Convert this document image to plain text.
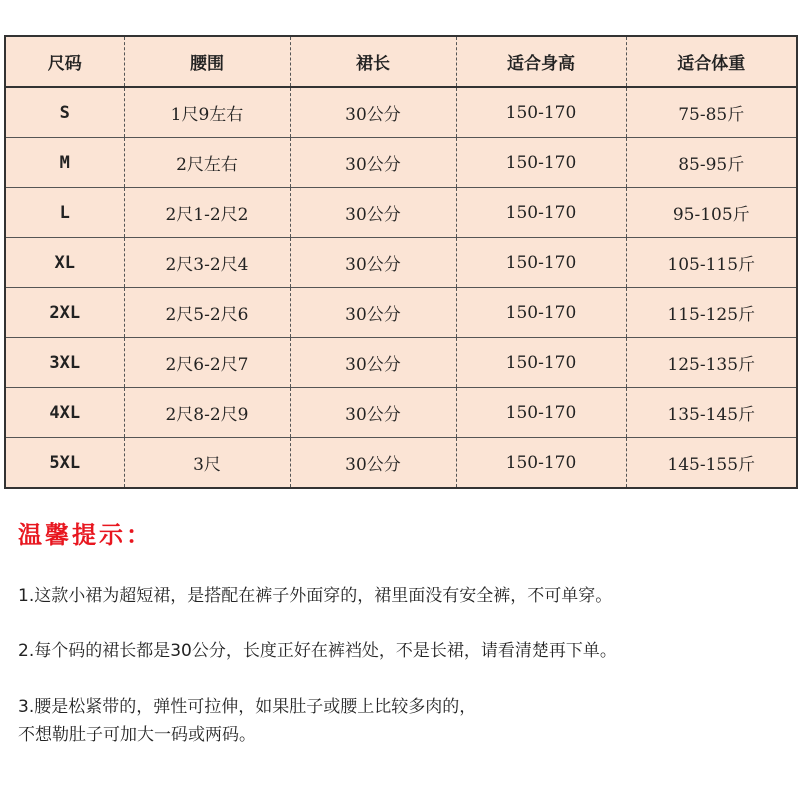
尺码	腰围	裙长	适合身高	适合体重
S	1尺9左右	30公分	150-170	75-85斤
M	2尺左右	30公分	150-170	85-95斤
L	2尺1-2尺2	30公分	150-170	95-105斤
XL	2尺3-2尺4	30公分	150-170	105-115斤
2XL	2尺5-2尺6	30公分	150-170	115-125斤
3XL	2尺6-2尺7	30公分	150-170	125-135斤
4XL	2尺8-2尺9	30公分	150-170	135-145斤
5XL	3尺	30公分	150-170	145-155斤
温馨提示：

1.这款小裙为超短裙，是搭配在裤子外面穿的，裙里面没有安全裤，不可单穿。

2.每个码的裙长都是30公分，长度正好在裤裆处，不是长裙，请看清楚再下单。

3.腰是松紧带的，弹性可拉伸，如果肚子或腰上比较多肉的，

不想勒肚子可加大一码或两码。
